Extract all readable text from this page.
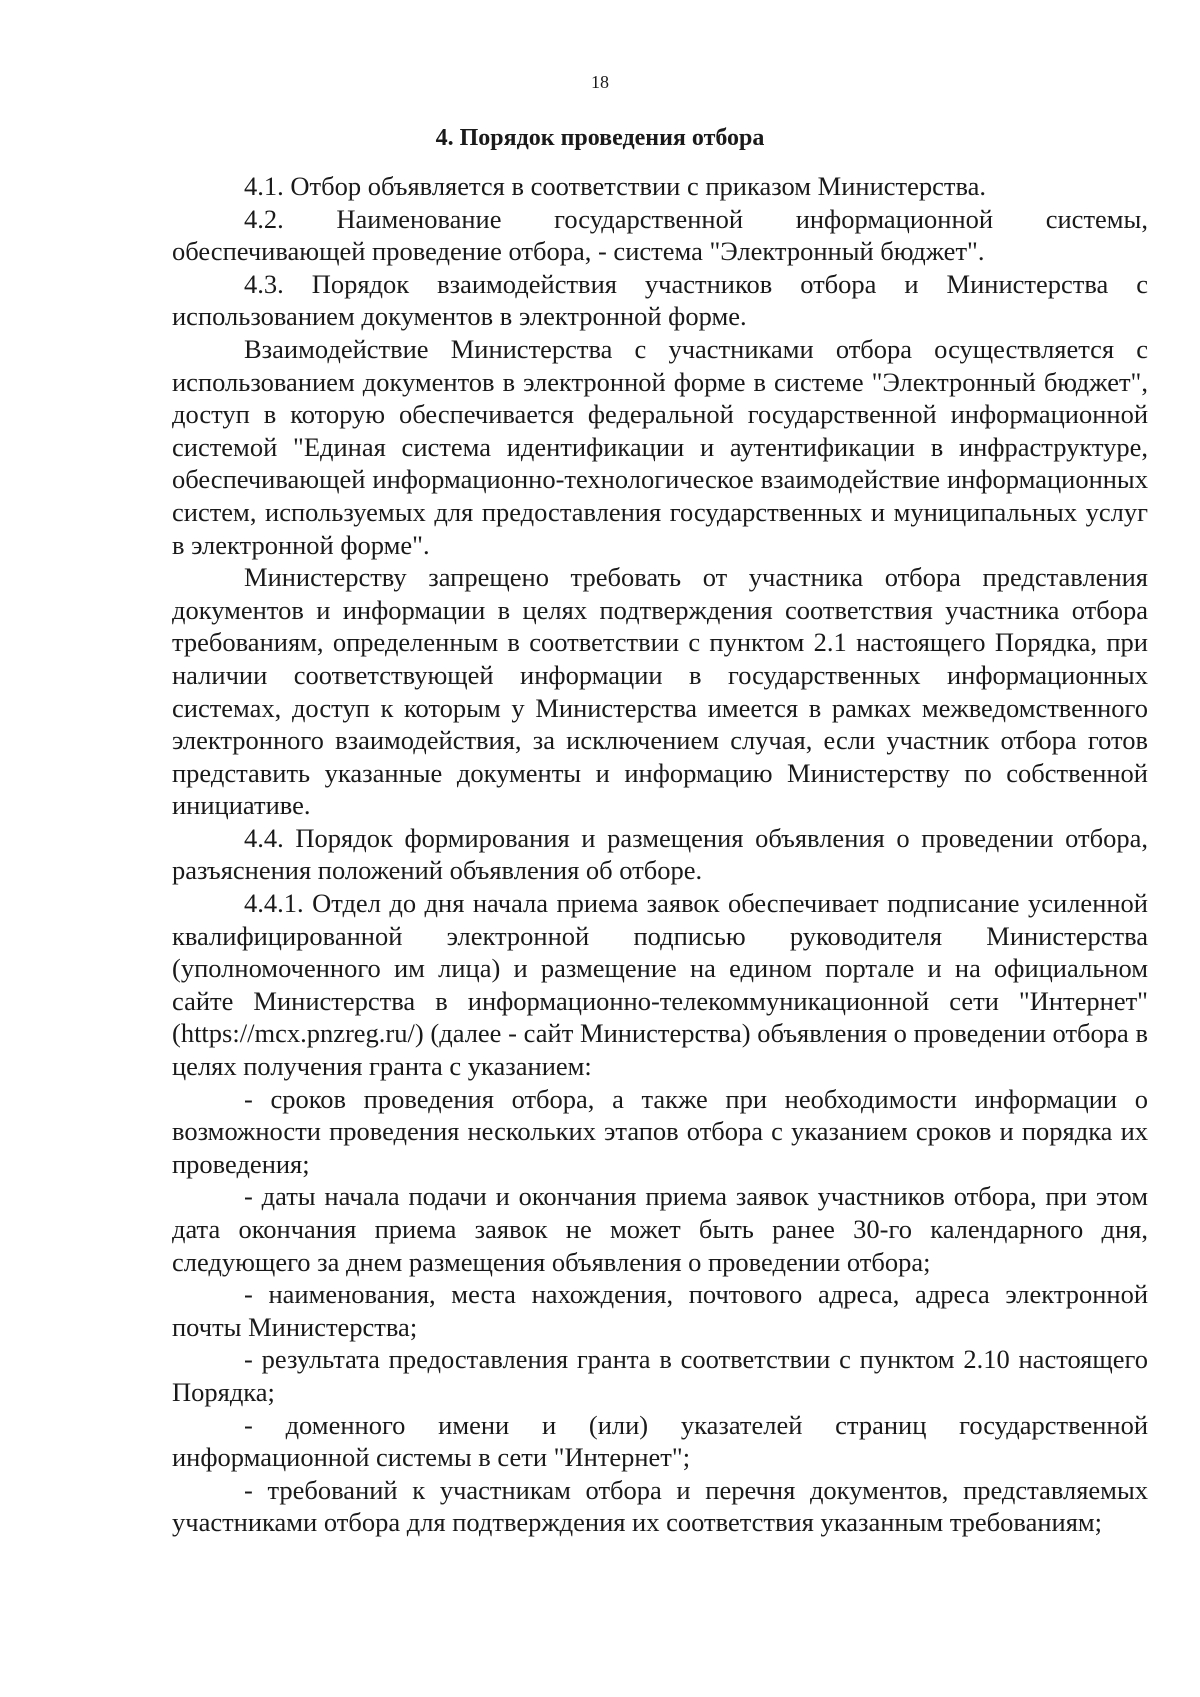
18
4. Порядок проведения отбора

4.1. Отбор объявляется в соответствии с приказом Министерства.

4.2. Наименование государственной информационной системы, обеспечивающей проведение отбора, - система "Электронный бюджет".

4.3. Порядок взаимодействия участников отбора и Министерства с использованием документов в электронной форме.

Взаимодействие Министерства с участниками отбора осуществляется с использованием документов в электронной форме в системе "Электронный бюджет", доступ в которую обеспечивается федеральной государственной информационной системой "Единая система идентификации и аутентификации в инфраструктуре, обеспечивающей информационно-технологическое взаимодействие информационных систем, используемых для предоставления государственных и муниципальных услуг в электронной форме".

Министерству запрещено требовать от участника отбора представления документов и информации в целях подтверждения соответствия участника отбора требованиям, определенным в соответствии с пунктом 2.1 настоящего Порядка, при наличии соответствующей информации в государственных информационных системах, доступ к которым у Министерства имеется в рамках межведомственного электронного взаимодействия, за исключением случая, если участник отбора готов представить указанные документы и информацию Министерству по собственной инициативе.

4.4. Порядок формирования и размещения объявления о проведении отбора, разъяснения положений объявления об отборе.

4.4.1. Отдел до дня начала приема заявок обеспечивает подписание усиленной квалифицированной электронной подписью руководителя Министерства (уполномоченного им лица) и размещение на едином портале и на официальном сайте Министерства в информационно-телекоммуникационной сети "Интернет" (https://mcx.pnzreg.ru/) (далее - сайт Министерства) объявления о проведении отбора в целях получения гранта с указанием:

- сроков проведения отбора, а также при необходимости информации о возможности проведения нескольких этапов отбора с указанием сроков и порядка их проведения;

- даты начала подачи и окончания приема заявок участников отбора, при этом дата окончания приема заявок не может быть ранее 30-го календарного дня, следующего за днем размещения объявления о проведении отбора;

- наименования, места нахождения, почтового адреса, адреса электронной почты Министерства;

- результата предоставления гранта в соответствии с пунктом 2.10 настоящего Порядка;

- доменного имени и (или) указателей страниц государственной информационной системы в сети "Интернет";

- требований к участникам отбора и перечня документов, представляемых участниками отбора для подтверждения их соответствия указанным требованиям;
